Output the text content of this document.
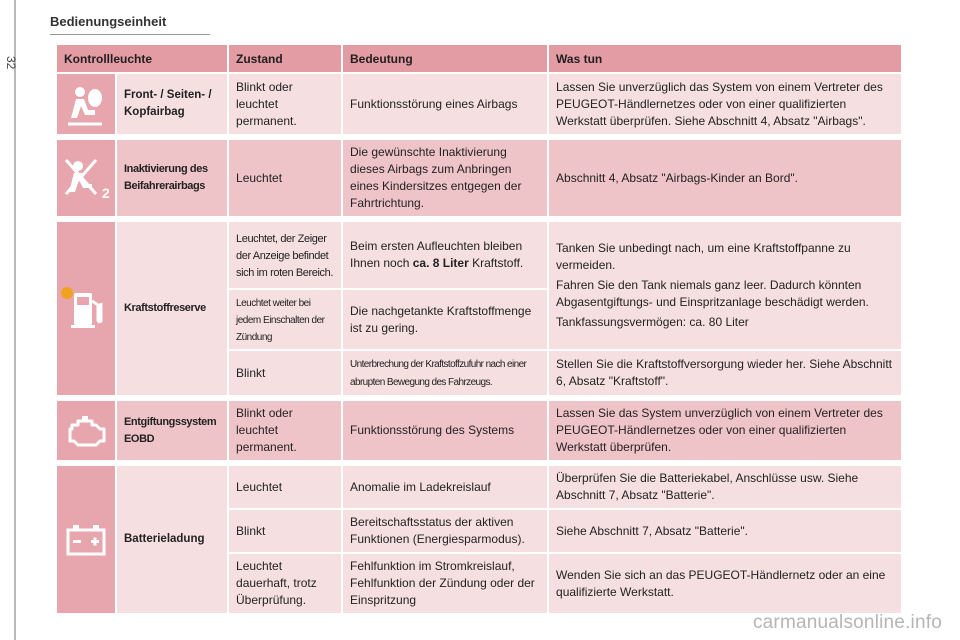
32
Bedienungseinheit
Kontrollleuchte		Zustand	Bedeutung	Was tun

	Front- / Seiten- / Kopfairbag	Blinkt oder leuchtet permanent.	Funktionsstörung eines Airbags	Lassen Sie unverzüglich das System von einem Vertreter des PEUGEOT-Händlernetzes oder von einer qualifizierten Werkstatt überprüfen. Siehe Abschnitt 4, Absatz "Airbags".

2	Inaktivierung des Beifahrerairbags	Leuchtet	Die gewünschte Inaktivierung dieses Airbags zum Anbringen eines Kindersitzes entgegen der Fahrtrichtung.	Abschnitt 4, Absatz "Airbags-Kinder an Bord".

	Kraftstoffreserve	Leuchtet, der Zeiger der Anzeige befindet sich im roten Bereich.	Beim ersten Aufleuchten bleiben Ihnen noch ca. 8 Liter Kraftstoff.	Tanken Sie unbedingt nach, um eine Kraftstoffpanne zu vermeiden.
Fahren Sie den Tank niemals ganz leer. Dadurch könnten Abgasentgiftungs- und Einspritzanlage beschädigt werden.
Tankfassungsvermögen: ca. 80 Liter

		Leuchtet weiter bei jedem Einschalten der Zündung	Die nachgetankte Kraftstoffmenge ist zu gering.	
		Blinkt	Unterbrechung der Kraftstoffzufuhr nach einer abrupten Bewegung des Fahrzeugs.	Stellen Sie die Kraftstoffversorgung wieder her. Siehe Abschnitt 6, Absatz "Kraftstoff".

	Entgiftungssystem EOBD	Blinkt oder leuchtet permanent.	Funktionsstörung des Systems	Lassen Sie das System unverzüglich von einem Vertreter des PEUGEOT-Händlernetzes oder von einer qualifizierten Werkstatt überprüfen.

	Batterieladung	Leuchtet	Anomalie im Ladekreislauf	Überprüfen Sie die Batteriekabel, Anschlüsse usw. Siehe Abschnitt 7, Absatz "Batterie".
		Blinkt	Bereitschaftsstatus der aktiven Funktionen (Energiesparmodus).	Siehe Abschnitt 7, Absatz "Batterie".
		Leuchtet dauerhaft, trotz Überprüfung.	Fehlfunktion im Stromkreislauf, Fehlfunktion der Zündung oder der Einspritzung	Wenden Sie sich an das PEUGEOT-Händlernetz oder an eine qualifizierte Werkstatt.
carmanualsonline.info
